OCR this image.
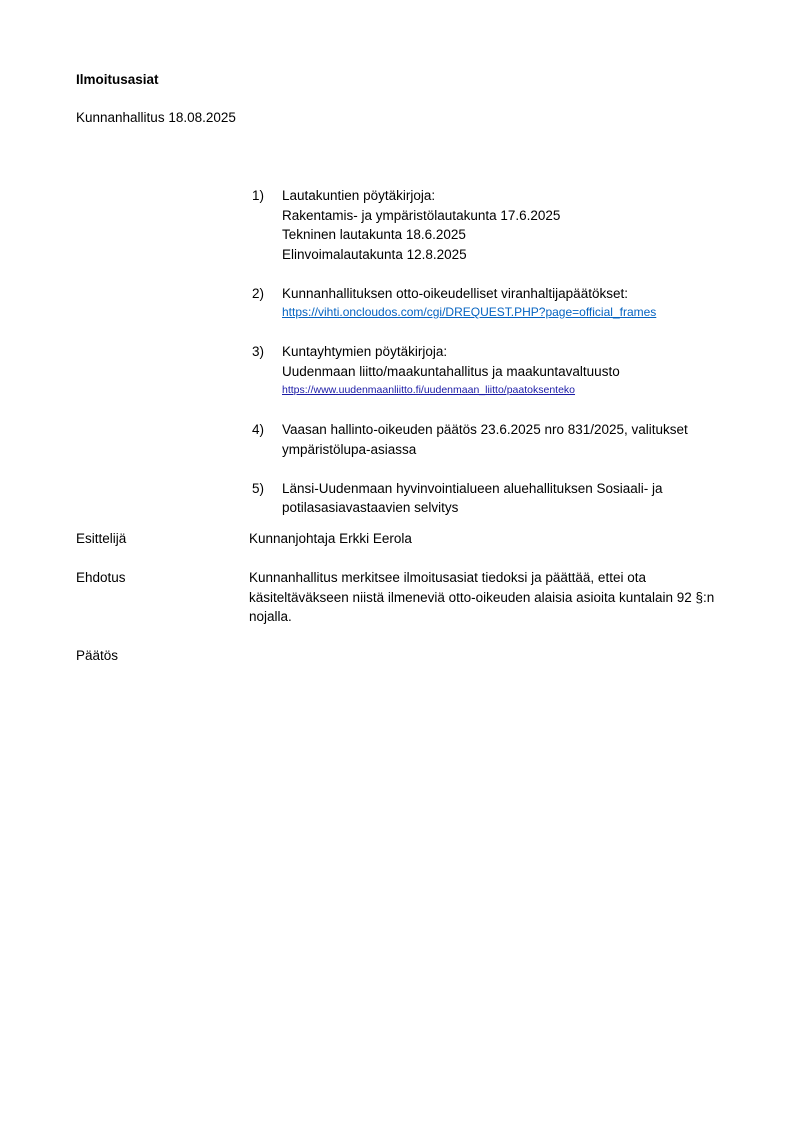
Ilmoitusasiat
Kunnanhallitus 18.08.2025
1)	Lautakuntien pöytäkirjoja:
Rakentamis- ja ympäristölautakunta 17.6.2025
Tekninen lautakunta 18.6.2025
Elinvoimalautakunta 12.8.2025
2)	Kunnanhallituksen otto-oikeudelliset viranhaltijapäätökset:
https://vihti.oncloudos.com/cgi/DREQUEST.PHP?page=official_frames
3)	Kuntayhtymien pöytäkirjoja:
Uudenmaan liitto/maakuntahallitus ja maakuntavaltuusto
https://www.uudenmaanliitto.fi/uudenmaan_liitto/paatoksenteko
4)	Vaasan hallinto-oikeuden päätös 23.6.2025 nro 831/2025, valitukset ympäristölupa-asiassa
5)	Länsi-Uudenmaan hyvinvointialueen aluehallituksen Sosiaali- ja potilasasiavastaavien selvitys
Esittelijä	Kunnanjohtaja Erkki Eerola
Ehdotus	Kunnanhallitus merkitsee ilmoitusasiat tiedoksi ja päättää, ettei ota käsiteltäväkseen niistä ilmeneviä otto-oikeuden alaisia asioita kuntalain 92 §:n nojalla.
Päätös
